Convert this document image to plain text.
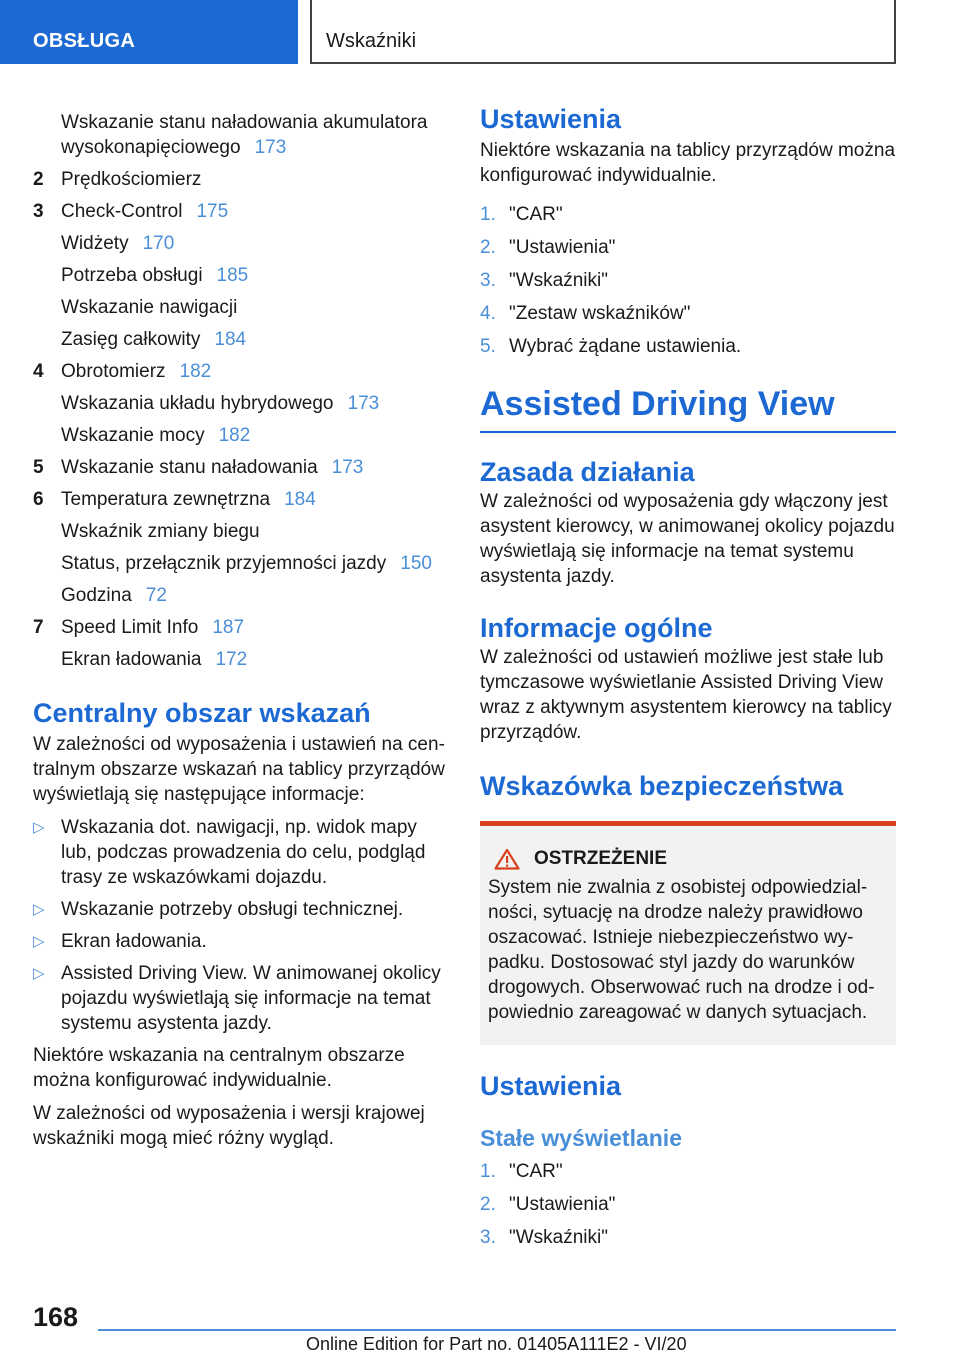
OBSŁUGA	Wskaźniki
Wskazanie stanu naładowania akumulatora wysokonapięciowego 173
2 Prędkościomierz
3 Check-Control 175
Widżety 170
Potrzeba obsługi 185
Wskazanie nawigacji
Zasięg całkowity 184
4 Obrotomierz 182
Wskazania układu hybrydowego 173
Wskazanie mocy 182
5 Wskazanie stanu naładowania 173
6 Temperatura zewnętrzna 184
Wskaźnik zmiany biegu
Status, przełącznik przyjemności jazdy 150
Godzina 72
7 Speed Limit Info 187
Ekran ładowania 172
Centralny obszar wskazań
W zależności od wyposażenia i ustawień na centralnym obszarze wskazań na tablicy przyrządów wyświetlają się następujące informacje:
▷ Wskazania dot. nawigacji, np. widok mapy lub, podczas prowadzenia do celu, podgląd trasy ze wskazówkami dojazdu.
▷ Wskazanie potrzeby obsługi technicznej.
▷ Ekran ładowania.
▷ Assisted Driving View. W animowanej okolicy pojazdu wyświetlają się informacje na temat systemu asystenta jazdy.
Niektóre wskazania na centralnym obszarze można konfigurować indywidualnie.
W zależności od wyposażenia i wersji krajowej wskaźniki mogą mieć różny wygląd.
Ustawienia
Niektóre wskazania na tablicy przyrządów można konfigurować indywidualnie.
1. "CAR"
2. "Ustawienia"
3. "Wskaźniki"
4. "Zestaw wskaźników"
5. Wybrać żądane ustawienia.
Assisted Driving View
Zasada działania
W zależności od wyposażenia gdy włączony jest asystent kierowcy, w animowanej okolicy pojazdu wyświetlają się informacje na temat systemu asystenta jazdy.
Informacje ogólne
W zależności od ustawień możliwe jest stałe lub tymczasowe wyświetlanie Assisted Driving View wraz z aktywnym asystentem kierowcy na tablicy przyrządów.
Wskazówka bezpieczeństwa
OSTRZEŻENIE
System nie zwalnia z osobistej odpowiedzialności, sytuację na drodze należy prawidłowo oszacować. Istnieje niebezpieczeństwo wypadku. Dostosować styl jazdy do warunków drogowych. Obserwować ruch na drodze i odpowiednio zareagować w danych sytuacjach.
Ustawienia
Stałe wyświetlanie
1. "CAR"
2. "Ustawienia"
3. "Wskaźniki"
168
Online Edition for Part no. 01405A111E2 - VI/20
